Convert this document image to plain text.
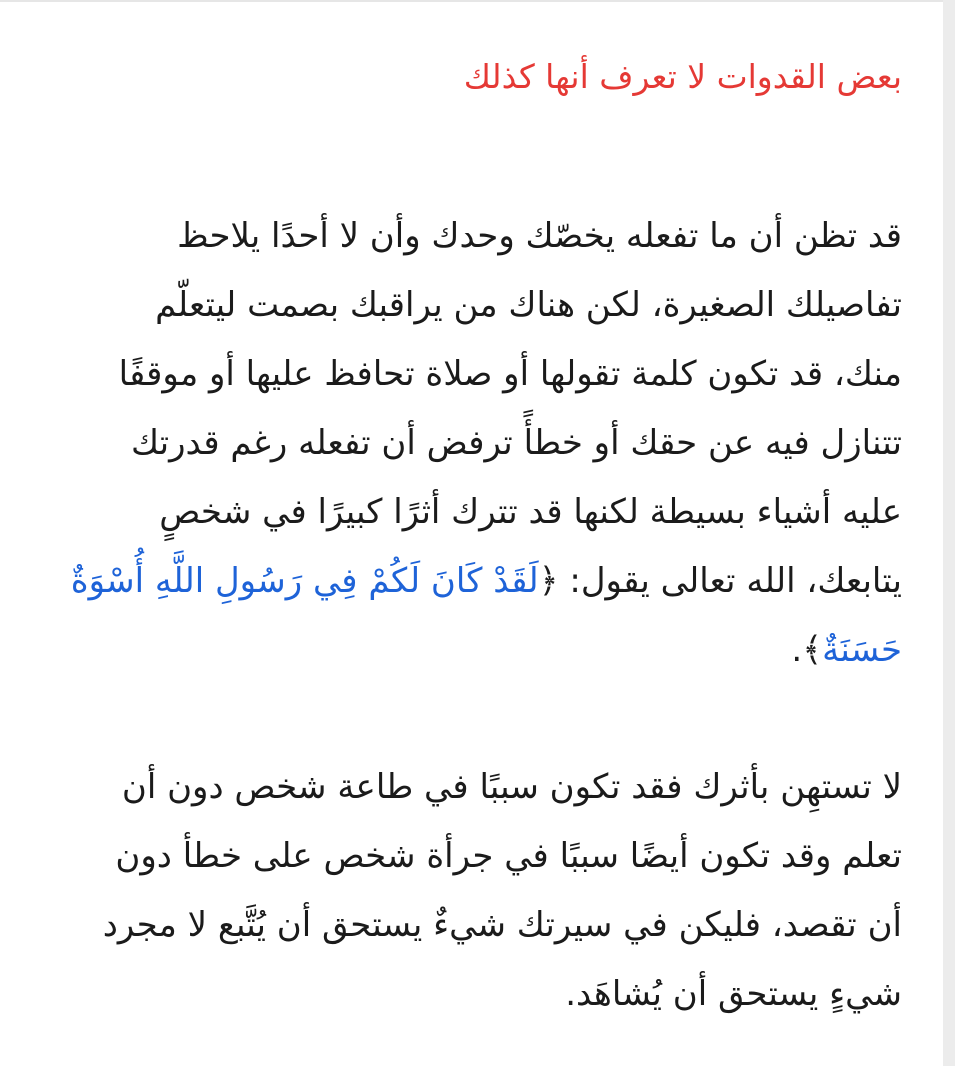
بعض القدوات لا تعرف أنها كذلك

قد تظن أن ما تفعله يخصّك وحدك وأن لا أحدًا يلاحظ
تفاصيلك الصغيرة، لكن هناك من يراقبك بصمت ليتعلّم
منك، قد تكون كلمة تقولها أو صلاة تحافظ عليها أو موقفًا
تتنازل فيه عن حقك أو خطأً ترفض أن تفعله رغم قدرتك
عليه أشياء بسيطة لكنها قد تترك أثرًا كبيرًا في شخصٍ
يتابعك، الله تعالى يقول: ﴿لَقَدْ كَانَ لَكُمْ فِي رَسُولِ اللَّهِ أُسْوَةٌ حَسَنَةٌ﴾.

لا تستهِن بأثرك فقد تكون سببًا في طاعة شخص دون أن
تعلم وقد تكون أيضًا سببًا في جرأة شخص على خطأ دون
أن تقصد، فليكن في سيرتك شيءٌ يستحق أن يُتَّبع لا مجرد
شيءٍ يستحق أن يُشاهَد.
